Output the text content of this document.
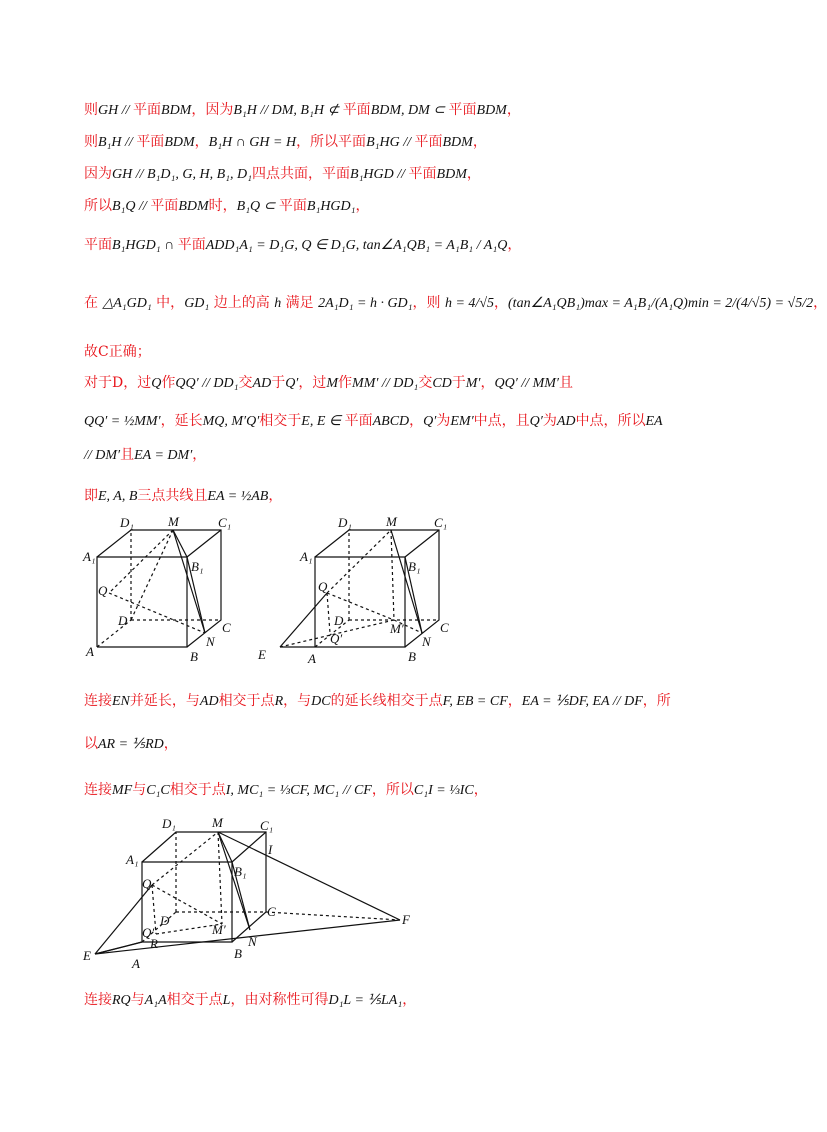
则GH // 平面BDM，因为B₁H // DM, B₁H ⊄ 平面BDM, DM ⊂ 平面BDM，
则B₁H // 平面BDM，B₁H ∩ GH = H，所以平面B₁HG // 平面BDM，
因为GH // B₁D₁, G, H, B₁, D₁四点共面，平面B₁HGD // 平面BDM，
所以B₁Q // 平面BDM时，B₁Q ⊂ 平面B₁HGD₁，
平面B₁HGD₁ ∩ 平面ADD₁A₁ = D₁G, Q ∈ D₁G, tan∠A₁QB₁ = A₁B₁ / A₁Q，
在 △A₁GD₁ 中，GD₁ 边上的高 h 满足 2A₁D₁ = h · GD₁，则 h = 4/√5，(tan∠A₁QB₁)max = A₁B₁/(A₁Q)min = 2/(4/√5) = √5/2，
故C正确；
对于D，过Q作QQ′ // DD₁交AD于Q′，过M作MM′ // DD₁交CD于M′，QQ′ // MM′且
QQ′ = ½MM′，延长MQ, M′Q′相交于E, E ∈ 平面ABCD，Q′为EM′中点，且Q′为AD中点，所以EA
// DM′且EA = DM′，
即E, A, B三点共线且EA = ½AB，
连接EN并延长，与AD相交于点R，与DC的延长线相交于点F, EB = CF，EA = ⅕DF, EA // DF，所
以AR = ⅕RD，
连接MF与C₁C相交于点I, MC₁ = ⅓CF, MC₁ // CF，所以C₁I = ⅓IC，
连接RQ与A₁A相交于点L，由对称性可得D₁L = ⅕LA₁，
D₁	M	C₁
A₁
B₁
Q
D	C
N
A	B
D₁	M	C₁
A₁
B₁
Q
D	C
M′
Q′	N
E	A	B
D₁	M	C₁
I
A₁
B₁
Q
D
C
F
M′
Q′
R	N
E
A
B
